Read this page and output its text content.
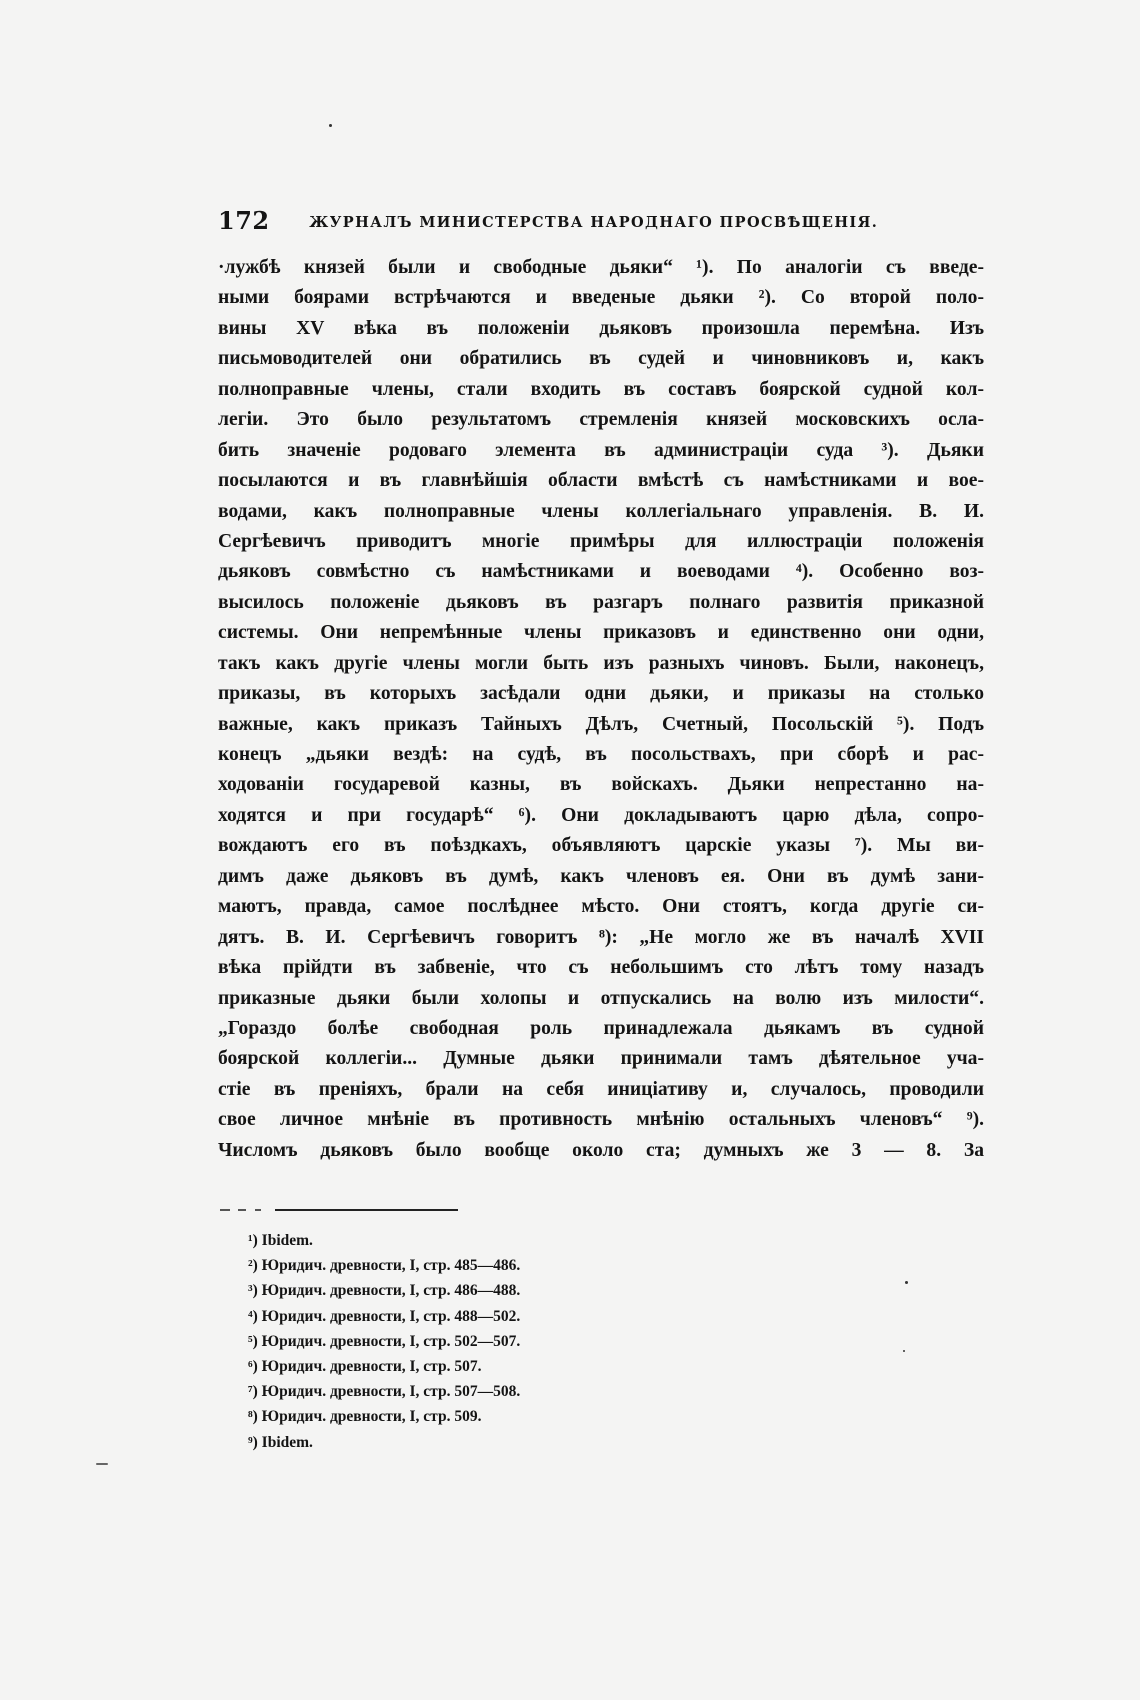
172	ЖУРНАЛЪ МИНИСТЕРСТВА НАРОДНАГО ПРОСВѢЩЕНІЯ.
·лужбѣ князей были и свободные дьяки“ ¹). По аналогіи съ введе-
ными боярами встрѣчаются и введеные дьяки ²). Со второй поло-
вины XV вѣка въ положеніи дьяковъ произошла перемѣна. Изъ
письмоводителей они обратились въ судей и чиновниковъ и, какъ
полноправные члены, стали входить въ составъ боярской судной кол-
легіи. Это было результатомъ стремленія князей московскихъ осла-
бить значеніе родоваго элемента въ администраціи суда ³). Дьяки
посылаются и въ главнѣйшія области вмѣстѣ съ намѣстниками и вое-
водами, какъ полноправные члены коллегіальнаго управленія. В. И.
Сергѣевичъ приводитъ многіе примѣры для иллюстраціи положенія
дьяковъ совмѣстно съ намѣстниками и воеводами ⁴). Особенно воз-
высилось положеніе дьяковъ въ разгаръ полнаго развитія приказной
системы. Они непремѣнные члены приказовъ и единственно они одни,
такъ какъ другіе члены могли быть изъ разныхъ чиновъ. Были, наконецъ,
приказы, въ которыхъ засѣдали одни дьяки, и приказы на столько
важные, какъ приказъ Тайныхъ Дѣлъ, Счетный, Посольскій ⁵). Подъ
конецъ „дьяки вездѣ: на судѣ, въ посольствахъ, при сборѣ и рас-
ходованіи государевой казны, въ войскахъ. Дьяки непрестанно на-
ходятся и при государѣ“ ⁶). Они докладываютъ царю дѣла, сопро-
вождаютъ его въ поѣздкахъ, объявляютъ царскіе указы ⁷). Мы ви-
димъ даже дьяковъ въ думѣ, какъ членовъ ея. Они въ думѣ зани-
маютъ, правда, самое послѣднее мѣсто. Они стоятъ, когда другіе си-
дятъ. В. И. Сергѣевичъ говоритъ ⁸): „Не могло же въ началѣ XVII
вѣка прійдти въ забвеніе, что съ небольшимъ сто лѣтъ тому назадъ
приказные дьяки были холопы и отпускались на волю изъ милости“.
„Гораздо болѣе свободная роль принадлежала дьякамъ въ судной
боярской коллегіи... Думные дьяки принимали тамъ дѣятельное уча-
стіе въ преніяхъ, брали на себя иниціативу и, случалось, проводили
свое личное мнѣніе въ противность мнѣнію остальныхъ членовъ“ ⁹).
Числомъ дьяковъ было вообще около ста; думныхъ же 3 — 8. За
¹) Ibidem.
²) Юридич. древности, I, стр. 485—486.
³) Юридич. древности, I, стр. 486—488.
⁴) Юридич. древности, I, стр. 488—502.
⁵) Юридич. древности, I, стр. 502—507.
⁶) Юридич. древности, I, стр. 507.
⁷) Юридич. древности, I, стр. 507—508.
⁸) Юридич. древности, I, стр. 509.
⁹) Ibidem.
